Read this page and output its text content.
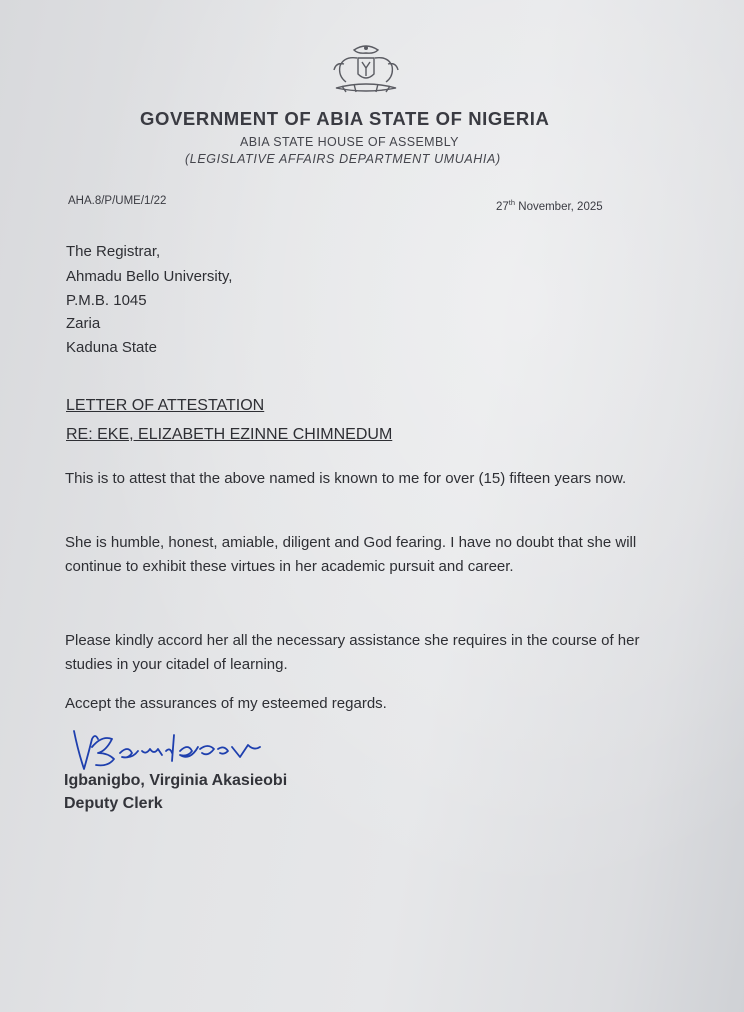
GOVERNMENT OF ABIA STATE OF NIGERIA
ABIA STATE HOUSE OF ASSEMBLY
(LEGISLATIVE AFFAIRS DEPARTMENT UMUAHIA)
AHA.8/P/UME/1/22	27th November, 2025
The Registrar,
Ahmadu Bello University,
P.M.B. 1045
Zaria
Kaduna State
LETTER OF ATTESTATION
RE: EKE, ELIZABETH EZINNE CHIMNEDUM
This is to attest that the above named is known to me for over (15) fifteen years now.
She is humble, honest, amiable, diligent and God fearing. I have no doubt that she will continue to exhibit these virtues in her academic pursuit and career.
Please kindly accord her all the necessary assistance she requires in the course of her studies in your citadel of learning.
Accept the assurances of my esteemed regards.
Igbanigbo, Virginia Akasieobi
Deputy Clerk
